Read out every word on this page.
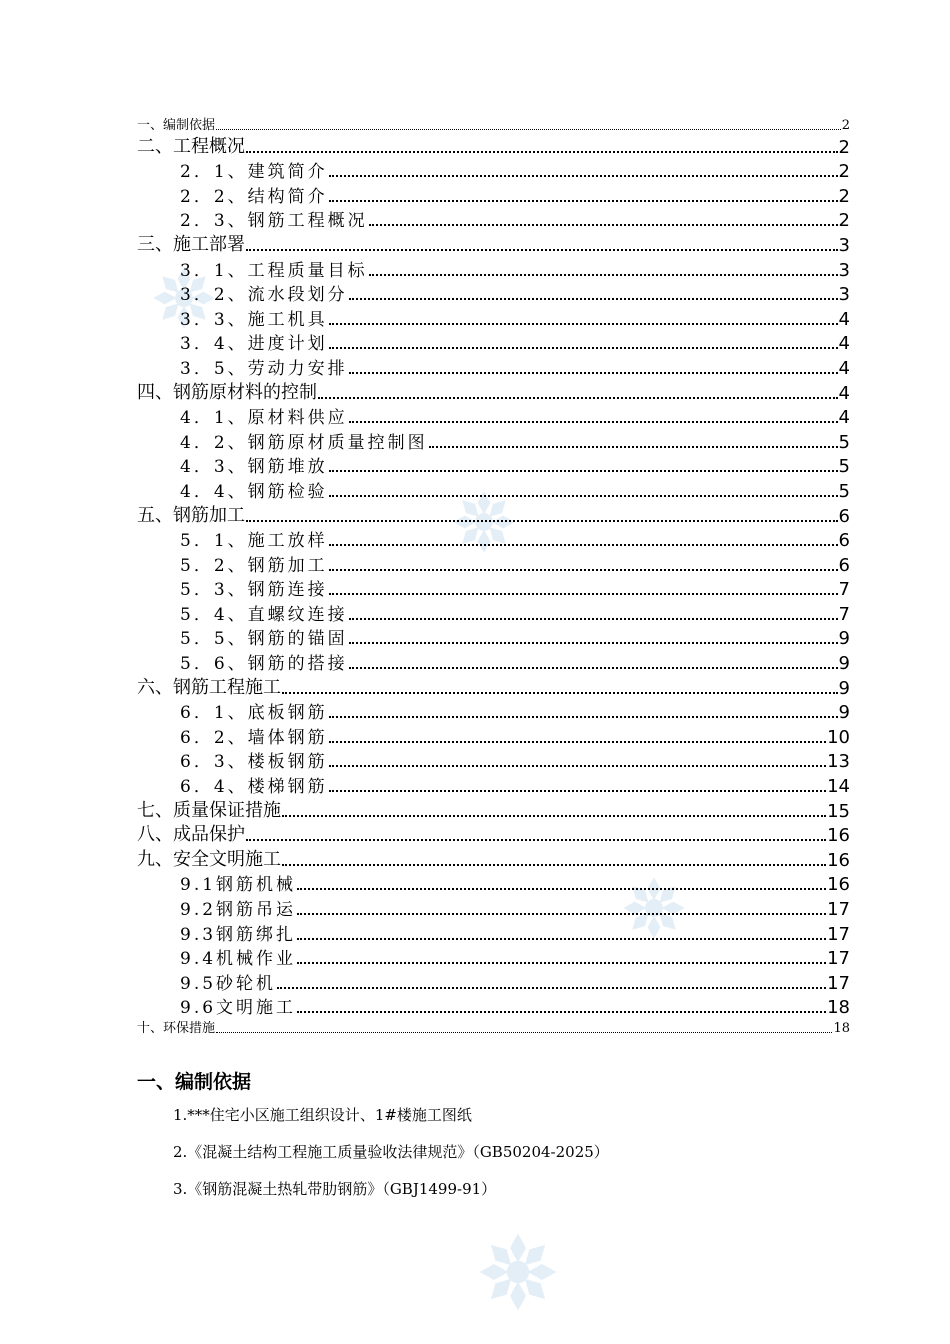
一、编制依据	2
二、工程概况	2
2．1、建筑简介	2
2．2、结构简介	2
2．3、钢筋工程概况	2
三、施工部署	3
3．1、工程质量目标	3
3．2、流水段划分	3
3．3、施工机具	4
3．4、进度计划	4
3．5、劳动力安排	4
四、钢筋原材料的控制	4
4．1、原材料供应	4
4．2、钢筋原材质量控制图	5
4．3、钢筋堆放	5
4．4、钢筋检验	5
五、钢筋加工	6
5．1、施工放样	6
5．2、钢筋加工	6
5．3、钢筋连接	7
5．4、直螺纹连接	7
5．5、钢筋的锚固	9
5．6、钢筋的搭接	9
六、钢筋工程施工	9
6．1、底板钢筋	9
6．2、墙体钢筋	10
6．3、楼板钢筋	13
6．4、楼梯钢筋	14
七、质量保证措施	15
八、成品保护	16
九、安全文明施工	16
9.1钢筋机械	16
9.2钢筋吊运	17
9.3钢筋绑扎	17
9.4机械作业	17
9.5砂轮机	17
9.6文明施工	18
十、环保措施	18
一、编制依据
1.***住宅小区施工组织设计、1#楼施工图纸
2.《混凝土结构工程施工质量验收法律规范》（GB50204-2025）
3.《钢筋混凝土热轧带肋钢筋》（GBJ1499-91）
